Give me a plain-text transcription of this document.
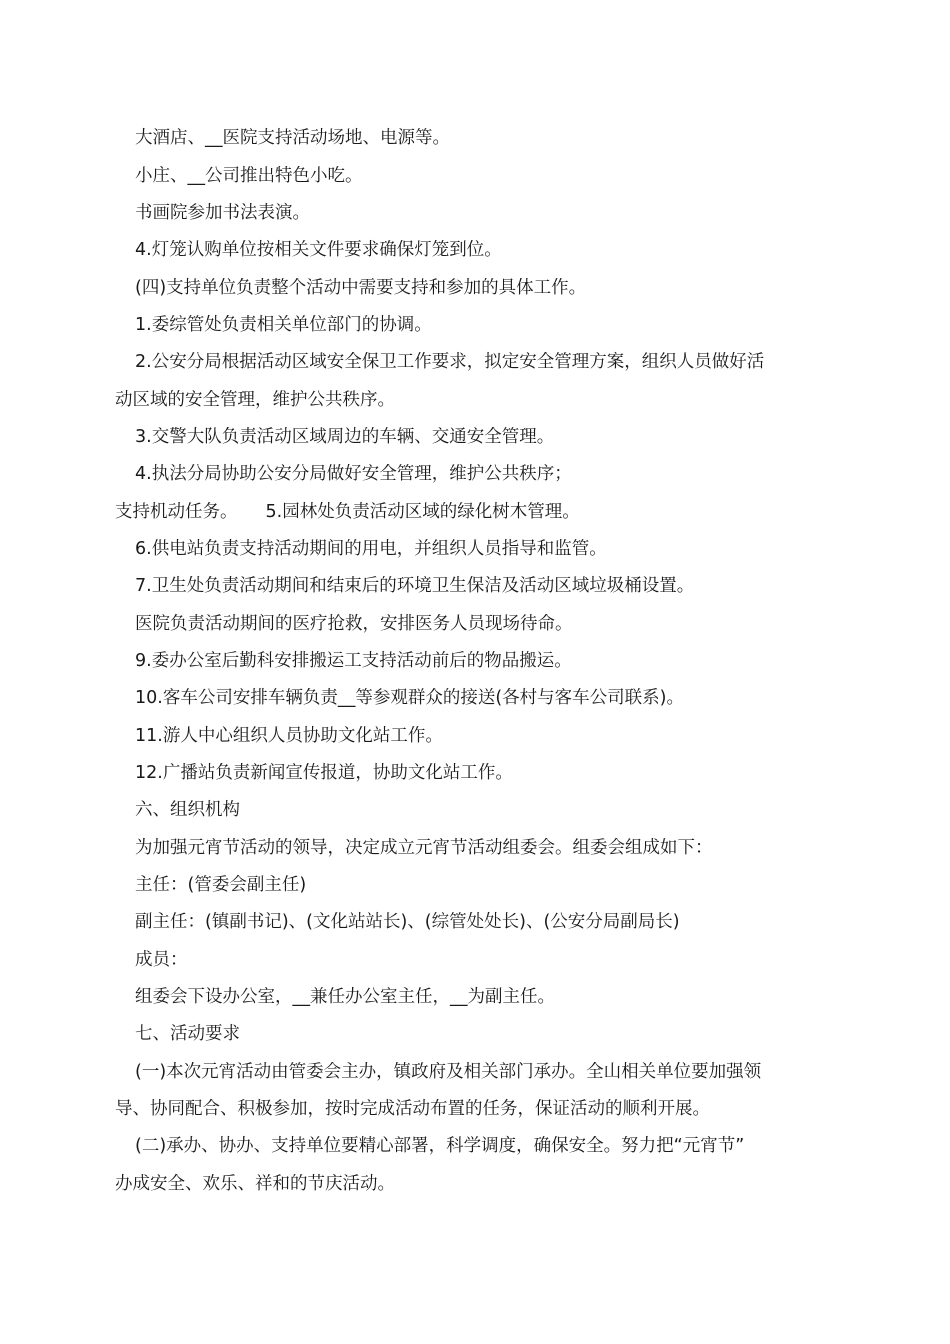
大酒店、__医院支持活动场地、电源等。
小庄、__公司推出特色小吃。
书画院参加书法表演。
4.灯笼认购单位按相关文件要求确保灯笼到位。
(四)支持单位负责整个活动中需要支持和参加的具体工作。
1.委综管处负责相关单位部门的协调。
2.公安分局根据活动区域安全保卫工作要求，拟定安全管理方案，组织人员做好活
动区域的安全管理，维护公共秩序。
3.交警大队负责活动区域周边的车辆、交通安全管理。
4.执法分局协助公安分局做好安全管理，维护公共秩序；
支持机动任务。 5.园林处负责活动区域的绿化树木管理。
6.供电站负责支持活动期间的用电，并组织人员指导和监管。
7.卫生处负责活动期间和结束后的环境卫生保洁及活动区域垃圾桶设置。
医院负责活动期间的医疗抢救，安排医务人员现场待命。
9.委办公室后勤科安排搬运工支持活动前后的物品搬运。
10.客车公司安排车辆负责__等参观群众的接送(各村与客车公司联系)。
11.游人中心组织人员协助文化站工作。
12.广播站负责新闻宣传报道，协助文化站工作。
六、组织机构
为加强元宵节活动的领导，决定成立元宵节活动组委会。组委会组成如下：
主任：(管委会副主任)
副主任：(镇副书记)、(文化站站长)、(综管处处长)、(公安分局副局长)
成员：
组委会下设办公室，__兼任办公室主任，__为副主任。
七、活动要求
(一)本次元宵活动由管委会主办，镇政府及相关部门承办。全山相关单位要加强领
导、协同配合、积极参加，按时完成活动布置的任务，保证活动的顺利开展。
(二)承办、协办、支持单位要精心部署，科学调度，确保安全。努力把“元宵节”
办成安全、欢乐、祥和的节庆活动。
